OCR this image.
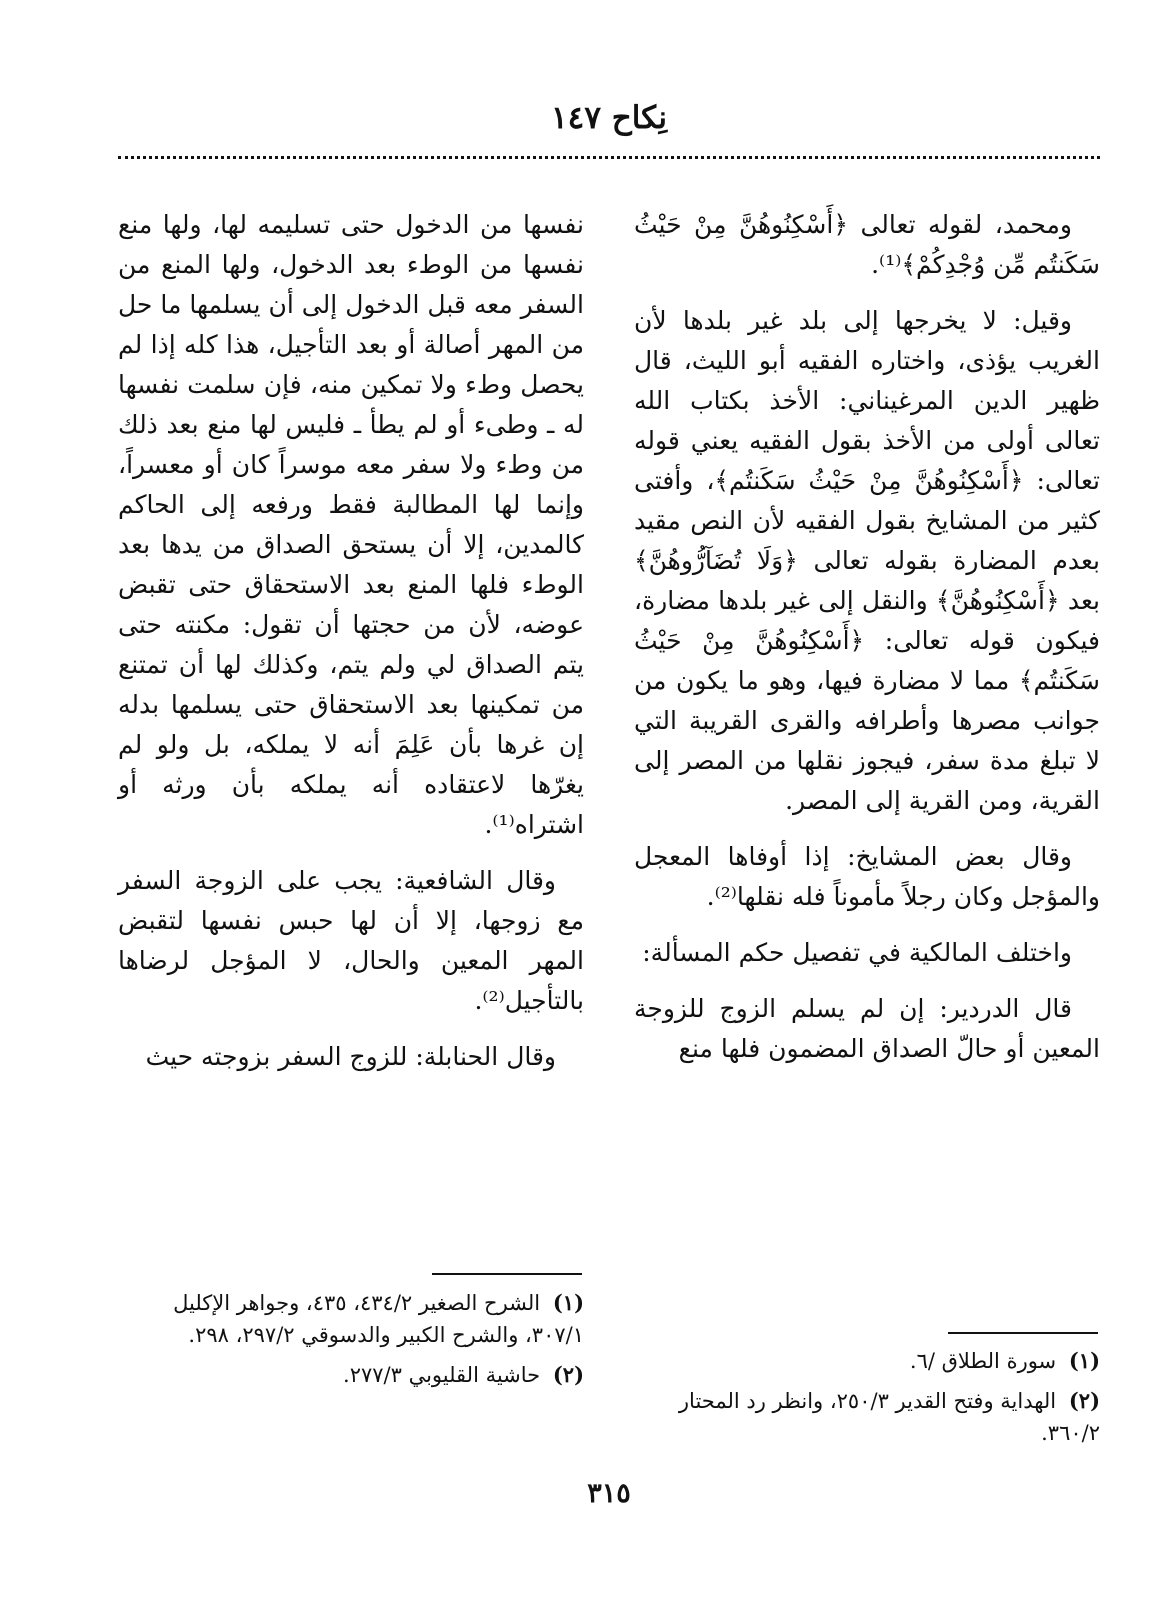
نِكاح ١٤٧

ومحمد، لقوله تعالى ﴿أَسْكِنُوهُنَّ مِنْ حَيْثُ سَكَنتُم مِّن وُجْدِكُمْ﴾⁽¹⁾.

وقيل: لا يخرجها إلى بلد غير بلدها لأن الغريب يؤذى، واختاره الفقيه أبو الليث، قال ظهير الدين المرغيناني: الأخذ بكتاب الله تعالى أولى من الأخذ بقول الفقيه يعني قوله تعالى: ﴿أَسْكِنُوهُنَّ مِنْ حَيْثُ سَكَنتُم﴾، وأفتى كثير من المشايخ بقول الفقيه لأن النص مقيد بعدم المضارة بقوله تعالى ﴿وَلَا تُضَآرُّوهُنَّ﴾ بعد ﴿أَسْكِنُوهُنَّ﴾ والنقل إلى غير بلدها مضارة، فيكون قوله تعالى: ﴿أَسْكِنُوهُنَّ مِنْ حَيْثُ سَكَنتُم﴾ مما لا مضارة فيها، وهو ما يكون من جوانب مصرها وأطرافه والقرى القريبة التي لا تبلغ مدة سفر، فيجوز نقلها من المصر إلى القرية، ومن القرية إلى المصر.

وقال بعض المشايخ: إذا أوفاها المعجل والمؤجل وكان رجلاً مأموناً فله نقلها⁽²⁾.

واختلف المالكية في تفصيل حكم المسألة:

قال الدردير: إن لم يسلم الزوج للزوجة المعين أو حالّ الصداق المضمون فلها منع

نفسها من الدخول حتى تسليمه لها، ولها منع نفسها من الوطء بعد الدخول، ولها المنع من السفر معه قبل الدخول إلى أن يسلمها ما حل من المهر أصالة أو بعد التأجيل، هذا كله إذا لم يحصل وطء ولا تمكين منه، فإن سلمت نفسها له ـ وطىء أو لم يطأ ـ فليس لها منع بعد ذلك من وطء ولا سفر معه موسراً كان أو معسراً، وإنما لها المطالبة فقط ورفعه إلى الحاكم كالمدين، إلا أن يستحق الصداق من يدها بعد الوطء فلها المنع بعد الاستحقاق حتى تقبض عوضه، لأن من حجتها أن تقول: مكنته حتى يتم الصداق لي ولم يتم، وكذلك لها أن تمتنع من تمكينها بعد الاستحقاق حتى يسلمها بدله إن غرها بأن عَلِمَ أنه لا يملكه، بل ولو لم يغرّها لاعتقاده أنه يملكه بأن ورثه أو اشتراه⁽¹⁾.

وقال الشافعية: يجب على الزوجة السفر مع زوجها، إلا أن لها حبس نفسها لتقبض المهر المعين والحال، لا المؤجل لرضاها بالتأجيل⁽²⁾.

وقال الحنابلة: للزوج السفر بزوجته حيث

(١) سورة الطلاق /٦.
(٢) الهداية وفتح القدير ٢٥٠/٣، وانظر رد المحتار ٣٦٠/٢.
(١) الشرح الصغير ٤٣٤/٢، ٤٣٥، وجواهر الإكليل ٣٠٧/١، والشرح الكبير والدسوقي ٢٩٧/٢، ٢٩٨.
(٢) حاشية القليوبي ٢٧٧/٣.
٣١٥
